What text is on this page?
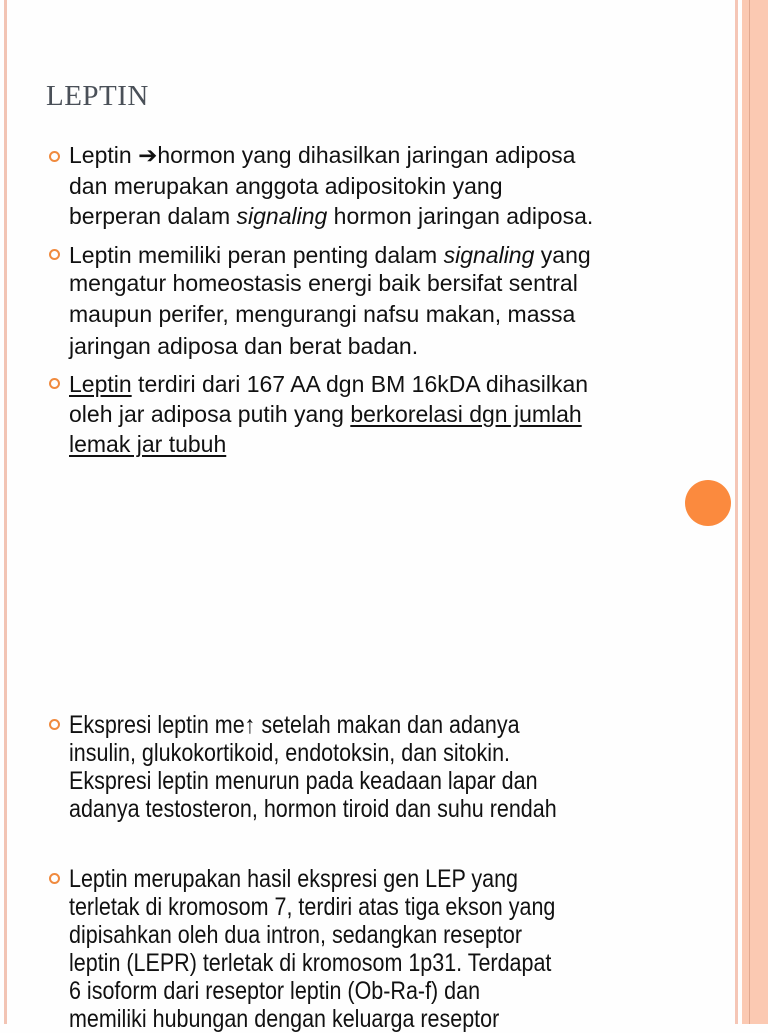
LEPTIN
Leptin ➔hormon yang dihasilkan jaringan adiposa
dan merupakan anggota adipositokin yang
berperan dalam signaling hormon jaringan adiposa.
Leptin memiliki peran penting dalam signaling yang
mengatur homeostasis energi baik bersifat sentral
maupun perifer, mengurangi nafsu makan, massa
jaringan adiposa dan berat badan.
Leptin terdiri dari 167 AA dgn BM 16kDA dihasilkan
oleh jar adiposa putih yang berkorelasi dgn jumlah
lemak jar tubuh
Ekspresi leptin me↑ setelah makan dan adanya
insulin, glukokortikoid, endotoksin, dan sitokin.
Ekspresi leptin menurun pada keadaan lapar dan
adanya testosteron, hormon tiroid dan suhu rendah
Leptin merupakan hasil ekspresi gen LEP yang
terletak di kromosom 7, terdiri atas tiga ekson yang
dipisahkan oleh dua intron, sedangkan reseptor
leptin (LEPR) terletak di kromosom 1p31. Terdapat
6 isoform dari reseptor leptin (Ob-Ra-f) dan
memiliki hubungan dengan keluarga reseptor
